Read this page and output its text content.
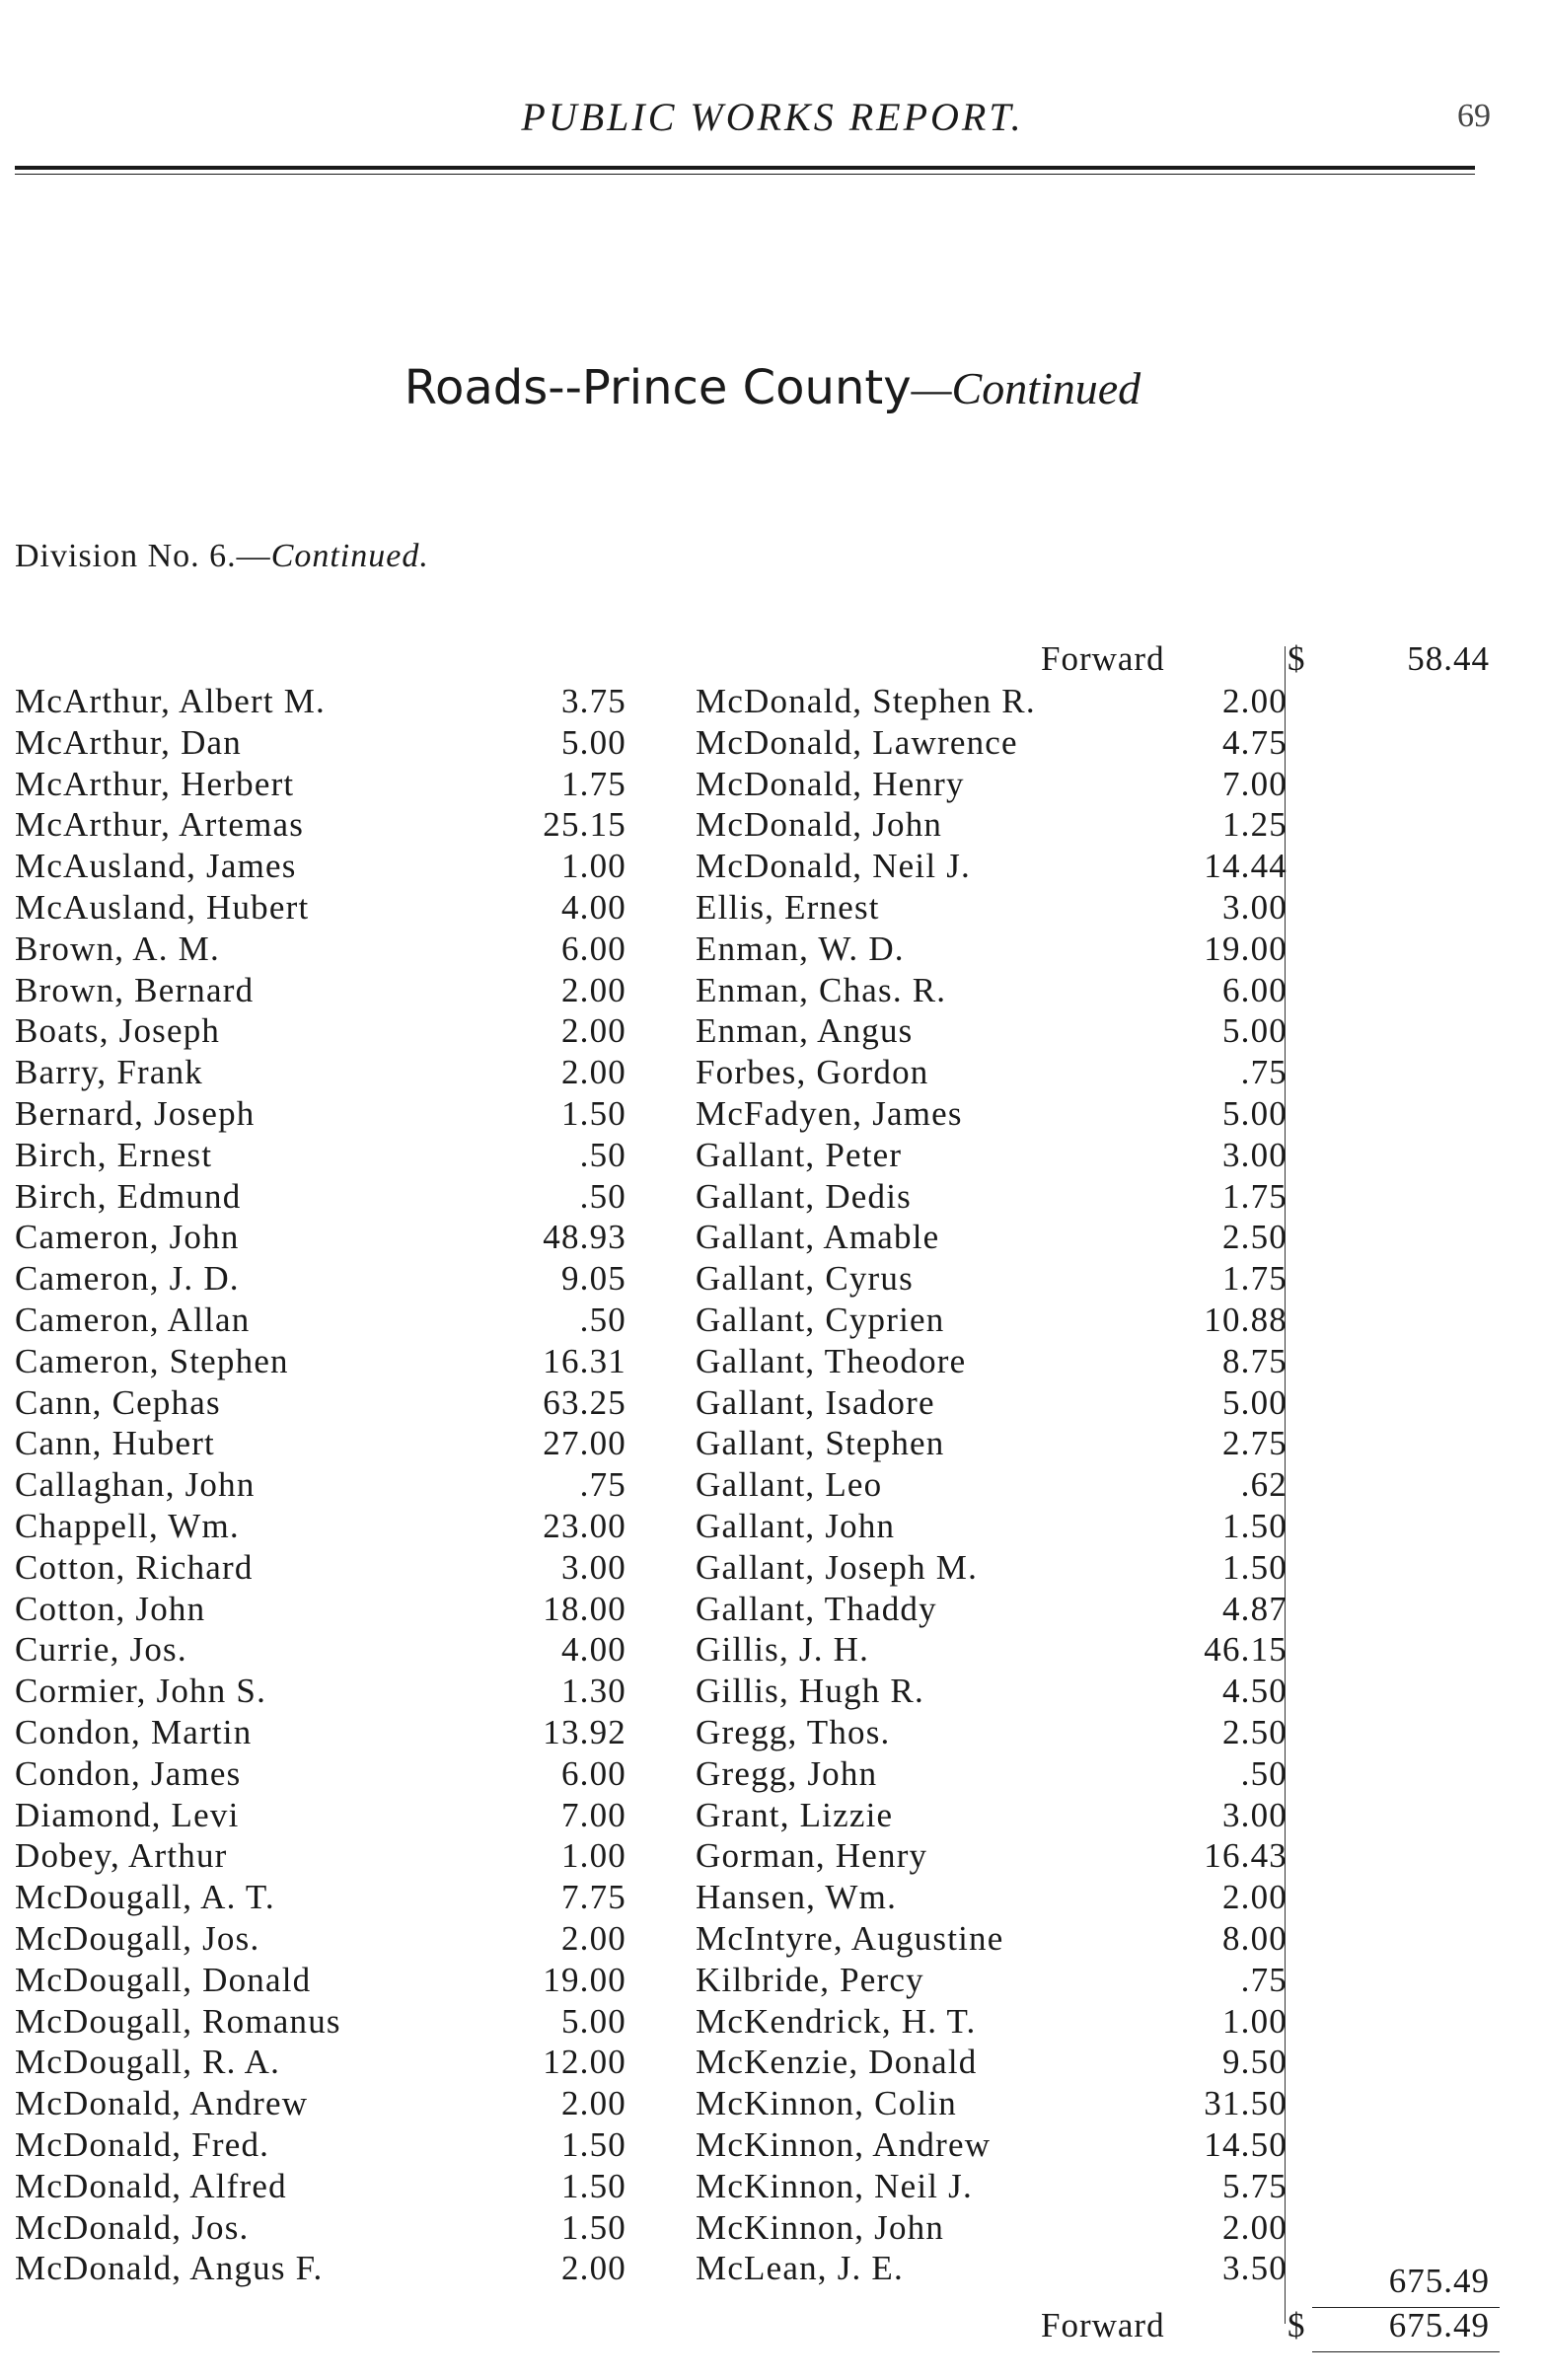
PUBLIC WORKS REPORT.	69
Roads--Prince County—Continued
Division No. 6.—Continued.
Forward	$	58.44
McArthur, Albert M.	3.75
McArthur, Dan	5.00
McArthur, Herbert	1.75
McArthur, Artemas	25.15
McAusland, James	1.00
McAusland, Hubert	4.00
Brown, A. M.	6.00
Brown, Bernard	2.00
Boats, Joseph	2.00
Barry, Frank	2.00
Bernard, Joseph	1.50
Birch, Ernest	.50
Birch, Edmund	.50
Cameron, John	48.93
Cameron, J. D.	9.05
Cameron, Allan	.50
Cameron, Stephen	16.31
Cann, Cephas	63.25
Cann, Hubert	27.00
Callaghan, John	.75
Chappell, Wm.	23.00
Cotton, Richard	3.00
Cotton, John	18.00
Currie, Jos.	4.00
Cormier, John S.	1.30
Condon, Martin	13.92
Condon, James	6.00
Diamond, Levi	7.00
Dobey, Arthur	1.00
McDougall, A. T.	7.75
McDougall, Jos.	2.00
McDougall, Donald	19.00
McDougall, Romanus	5.00
McDougall, R. A.	12.00
McDonald, Andrew	2.00
McDonald, Fred.	1.50
McDonald, Alfred	1.50
McDonald, Jos.	1.50
McDonald, Angus F.	2.00
McDonald, Stephen R.	2.00
McDonald, Lawrence	4.75
McDonald, Henry	7.00
McDonald, John	1.25
McDonald, Neil J.	14.44
Ellis, Ernest	3.00
Enman, W. D.	19.00
Enman, Chas. R.	6.00
Enman, Angus	5.00
Forbes, Gordon	.75
McFadyen, James	5.00
Gallant, Peter	3.00
Gallant, Dedis	1.75
Gallant, Amable	2.50
Gallant, Cyrus	1.75
Gallant, Cyprien	10.88
Gallant, Theodore	8.75
Gallant, Isadore	5.00
Gallant, Stephen	2.75
Gallant, Leo	.62
Gallant, John	1.50
Gallant, Joseph M.	1.50
Gallant, Thaddy	4.87
Gillis, J. H.	46.15
Gillis, Hugh R.	4.50
Gregg, Thos.	2.50
Gregg, John	.50
Grant, Lizzie	3.00
Gorman, Henry	16.43
Hansen, Wm.	2.00
McIntyre, Augustine	8.00
Kilbride, Percy	.75
McKendrick, H. T.	1.00
McKenzie, Donald	9.50
McKinnon, Colin	31.50
McKinnon, Andrew	14.50
McKinnon, Neil J.	5.75
McKinnon, John	2.00
McLean, J. E.	3.50	675.49
Forward	$	675.49
